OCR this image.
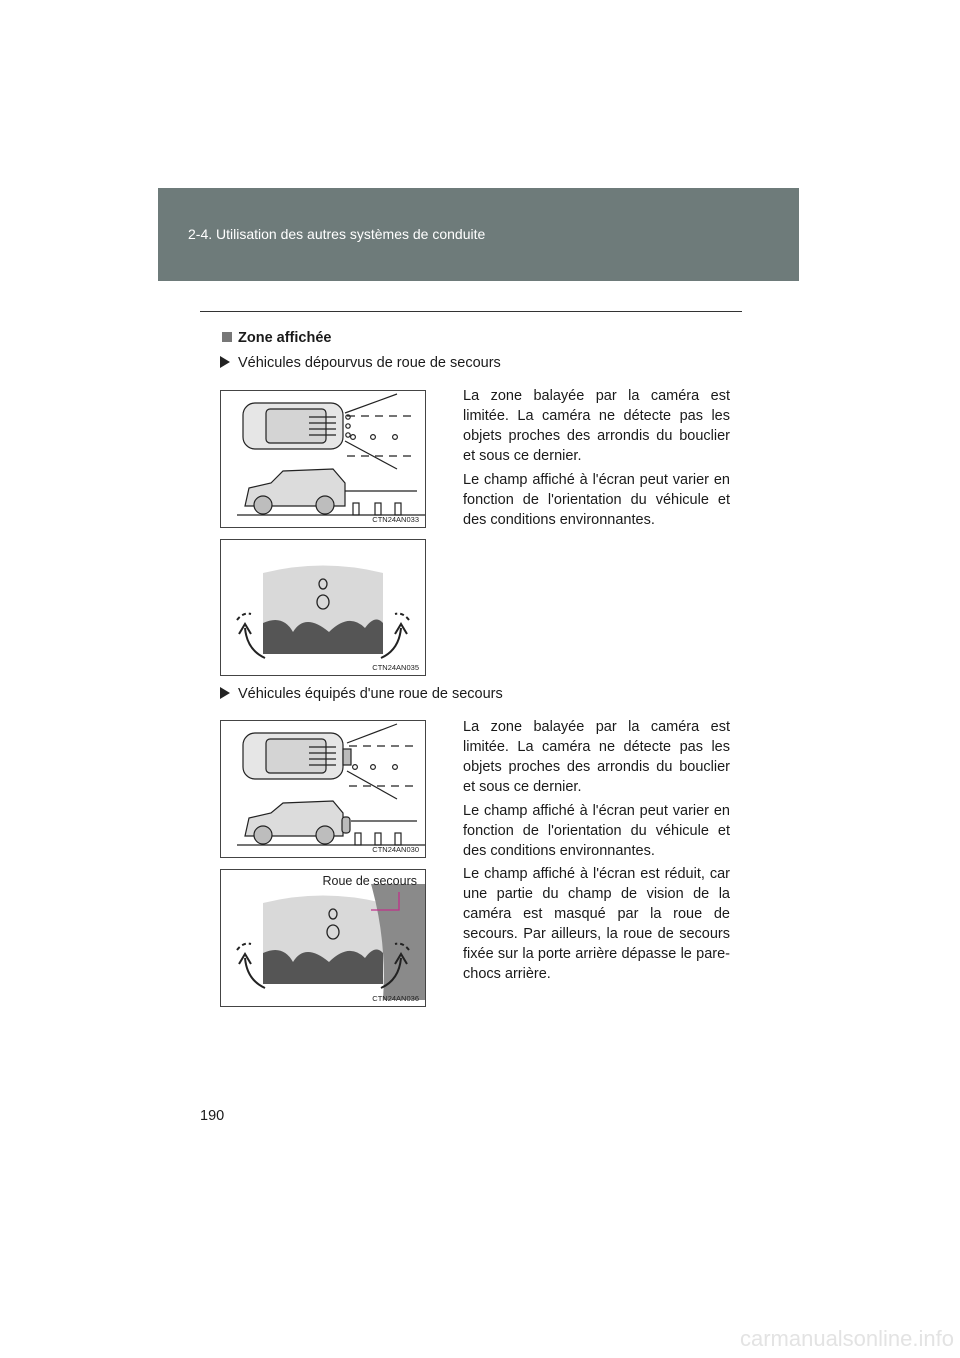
2-4. Utilisation des autres systèmes de conduite
Zone affichée
Véhicules dépourvus de roue de secours

La zone balayée par la caméra est limitée. La caméra ne détecte pas les objets proches des arrondis du bouclier et sous ce dernier.

Le champ affiché à l'écran peut varier en fonction de l'orientation du véhicule et des conditions environnantes.

CTN24AN033
CTN24AN035
Véhicules équipés d'une roue de secours

La zone balayée par la caméra est limitée. La caméra ne détecte pas les objets proches des arrondis du bouclier et sous ce dernier.

Le champ affiché à l'écran peut varier en fonction de l'orientation du véhicule et des conditions environnantes.

Le champ affiché à l'écran est réduit, car une partie du champ de vision de la caméra est masqué par la roue de secours. Par ailleurs, la roue de secours fixée sur la porte arrière dépasse le pare-chocs arrière.

CTN24AN030
Roue de secours
CTN24AN036
190
carmanualsonline.info
